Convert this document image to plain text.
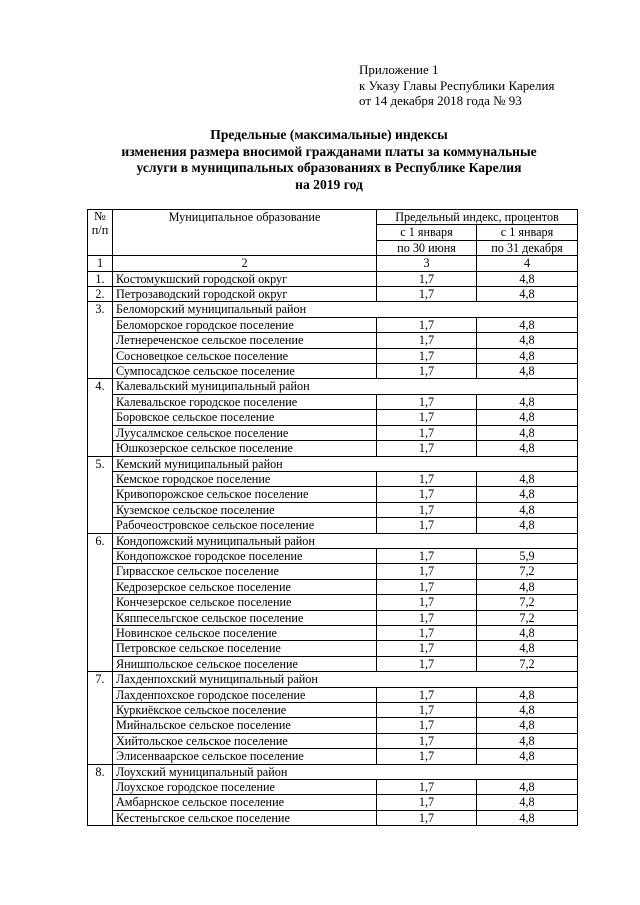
Приложение 1
к Указу Главы Республики Карелия
от 14 декабря 2018 года № 93
Предельные (максимальные) индексы
изменения размера вносимой гражданами платы за коммунальные
услуги в муниципальных образованиях в Республике Карелия
на 2019 год
№
п/п	Муниципальное образование	Предельный индекс, процентов	
		с 1 января	с 1 января
		по 30 июня	по 31 декабря
1	2	3	4
1.	Костомукшский городской округ	1,7	4,8
2.	Петрозаводский городской округ	1,7	4,8
3.	Беломорский муниципальный район		
	Беломорское городское поселение	1,7	4,8
	Летнереченское сельское поселение	1,7	4,8
	Сосновецкое сельское поселение	1,7	4,8
	Сумпосадское сельское поселение	1,7	4,8
4.	Калевальский муниципальный район		
	Калевальское городское поселение	1,7	4,8
	Боровское сельское поселение	1,7	4,8
	Луусалмское сельское поселение	1,7	4,8
	Юшкозерское сельское поселение	1,7	4,8
5.	Кемский муниципальный район		
	Кемское городское поселение	1,7	4,8
	Кривопорожское сельское поселение	1,7	4,8
	Куземское сельское поселение	1,7	4,8
	Рабочеостровское сельское поселение	1,7	4,8
6.	Кондопожский муниципальный район		
	Кондопожское городское поселение	1,7	5,9
	Гирвасское сельское поселение	1,7	7,2
	Кедрозерское сельское поселение	1,7	4,8
	Кончезерское сельское поселение	1,7	7,2
	Кяппесельгское сельское поселение	1,7	7,2
	Новинское сельское поселение	1,7	4,8
	Петровское сельское поселение	1,7	4,8
	Янишпольское сельское поселение	1,7	7,2
7.	Лахденпохский муниципальный район		
	Лахденпохское городское поселение	1,7	4,8
	Куркиёкское сельское поселение	1,7	4,8
	Мийнальское сельское поселение	1,7	4,8
	Хийтольское сельское поселение	1,7	4,8
	Элисенваарское сельское поселение	1,7	4,8
8.	Лоухский муниципальный район		
	Лоухское городское поселение	1,7	4,8
	Амбарнское сельское поселение	1,7	4,8
	Кестеньгское сельское поселение	1,7	4,8
